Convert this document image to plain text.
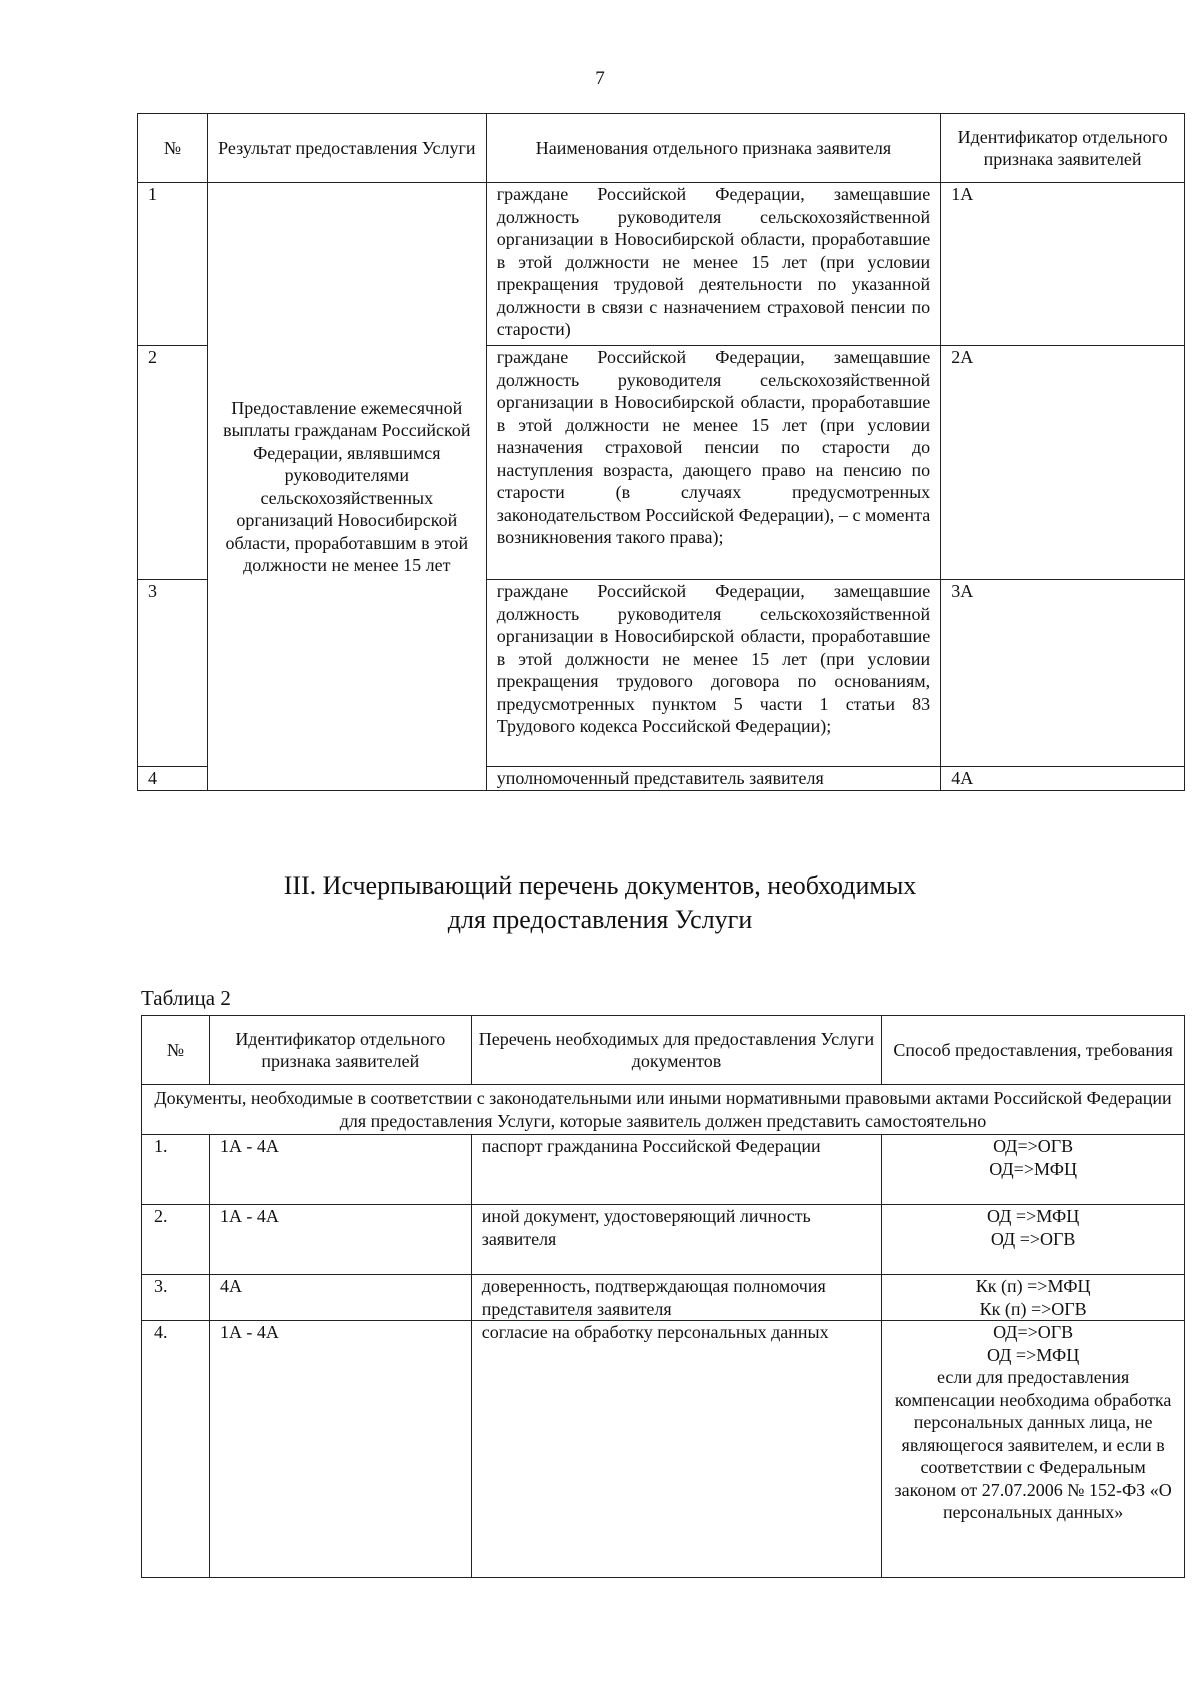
7
№	Результат предоставления Услуги	Наименования отдельного признака заявителя	Идентификатор отдельного признака заявителей
1	Предоставление ежемесячной выплаты гражданам Российской Федерации, являвшимся руководителями сельскохозяйственных организаций Новосибирской области, проработавшим в этой должности не менее 15 лет	граждане Российской Федерации, замещавшие должность руководителя сельскохозяйственной организации в Новосибирской области, проработавшие в этой должности не менее 15 лет (при условии прекращения трудовой деятельности по указанной должности в связи с назначением страховой пенсии по старости)	1А
2		граждане Российской Федерации, замещавшие должность руководителя сельскохозяйственной организации в Новосибирской области, проработавшие в этой должности не менее 15 лет (при условии назначения страховой пенсии по старости до наступления возраста, дающего право на пенсию по старости (в случаях предусмотренных законодательством Российской Федерации), – с момента возникновения такого права);	2А
3		граждане Российской Федерации, замещавшие должность руководителя сельскохозяйственной организации в Новосибирской области, проработавшие в этой должности не менее 15 лет (при условии прекращения трудового договора по основаниям, предусмотренных пунктом 5 части 1 статьи 83 Трудового кодекса Российской Федерации);	3А
4		уполномоченный представитель заявителя	4А
III. Исчерпывающий перечень документов, необходимых
для предоставления Услуги
Таблица 2
№	Идентификатор отдельного признака заявителей	Перечень необходимых для предоставления Услуги документов	Способ предоставления, требования
Документы, необходимые в соответствии с законодательными или иными нормативными правовыми актами Российской Федерации для предоставления Услуги, которые заявитель должен представить самостоятельно			
1.	1А - 4А	паспорт гражданина Российской Федерации	ОД=>ОГВ
ОД=>МФЦ

2.	1А - 4А	иной документ, удостоверяющий личность заявителя	ОД =>МФЦ
ОД =>ОГВ

3.	4А	доверенность, подтверждающая полномочия представителя заявителя	Кк (п) =>МФЦ
Кк (п) =>ОГВ

4.	1А - 4А	согласие на обработку персональных данных	ОД=>ОГВ
ОД =>МФЦ
если для предоставления компенсации необходима обработка персональных данных лица, не являющегося заявителем, и если в соответствии с Федеральным законом от 27.07.2006 № 152-ФЗ «О персональных данных»
